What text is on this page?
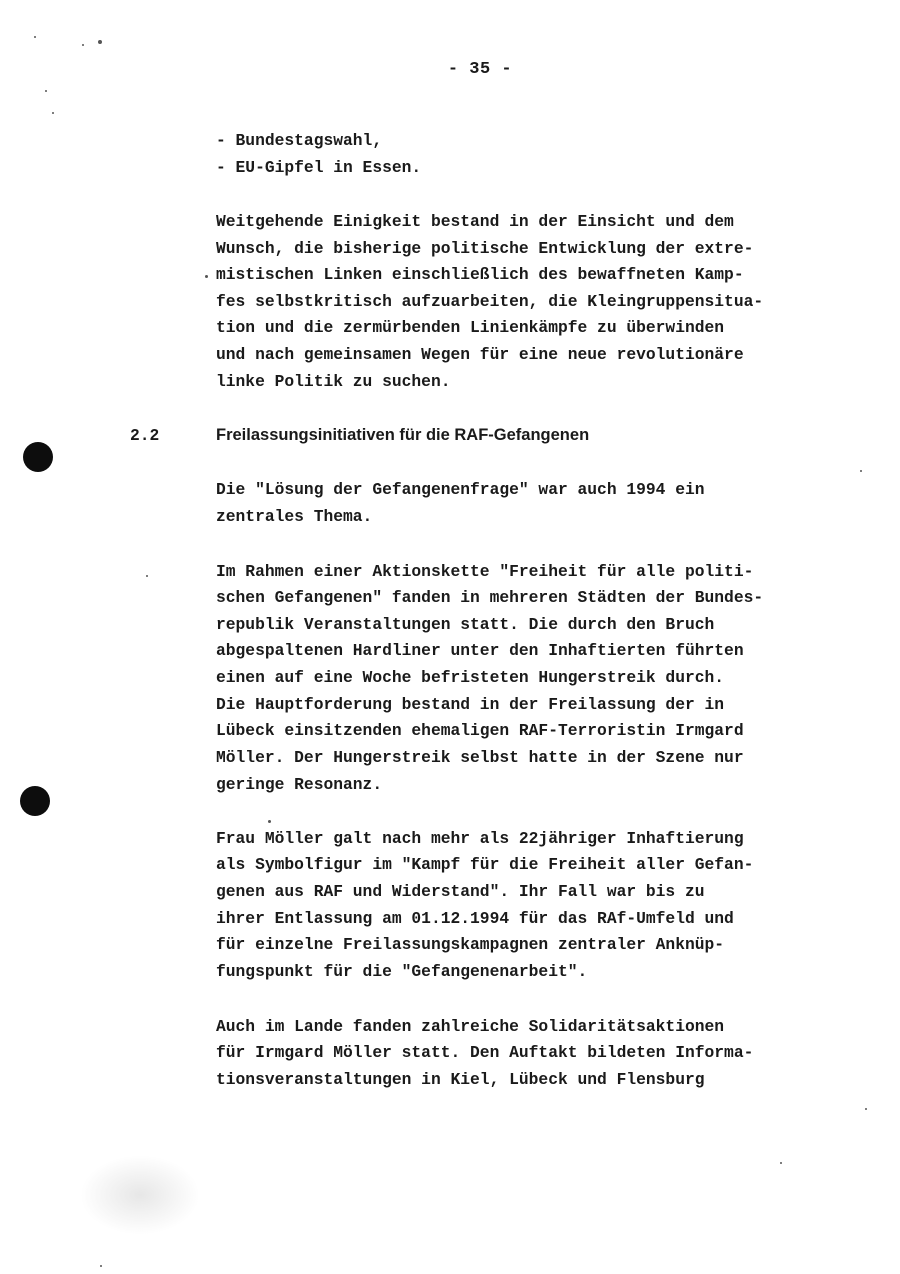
- 35 -
- Bundestagswahl,
- EU-Gipfel in Essen.
Weitgehende Einigkeit bestand in der Einsicht und dem
Wunsch, die bisherige politische Entwicklung der extre-
mistischen Linken einschließlich des bewaffneten Kamp-
fes selbstkritisch aufzuarbeiten, die Kleingruppensitua-
tion und die zermürbenden Linienkämpfe zu überwinden
und nach gemeinsamen Wegen für eine neue revolutionäre
linke Politik zu suchen.
2.2	Freilassungsinitiativen für die RAF-Gefangenen
Die "Lösung der Gefangenenfrage" war auch 1994 ein
zentrales Thema.
Im Rahmen einer Aktionskette "Freiheit für alle politi-
schen Gefangenen" fanden in mehreren Städten der Bundes-
republik Veranstaltungen statt. Die durch den Bruch
abgespaltenen Hardliner unter den Inhaftierten führten
einen auf eine Woche befristeten Hungerstreik durch.
Die Hauptforderung bestand in der Freilassung der in
Lübeck einsitzenden ehemaligen RAF-Terroristin Irmgard
Möller. Der Hungerstreik selbst hatte in der Szene nur
geringe Resonanz.
Frau Möller galt nach mehr als 22jähriger Inhaftierung
als Symbolfigur im "Kampf für die Freiheit aller Gefan-
genen aus RAF und Widerstand". Ihr Fall war bis zu
ihrer Entlassung am 01.12.1994 für das RAf-Umfeld und
für einzelne Freilassungskampagnen zentraler Anknüp-
fungspunkt für die "Gefangenenarbeit".
Auch im Lande fanden zahlreiche Solidaritätsaktionen
für Irmgard Möller statt. Den Auftakt bildeten Informa-
tionsveranstaltungen in Kiel, Lübeck und Flensburg
